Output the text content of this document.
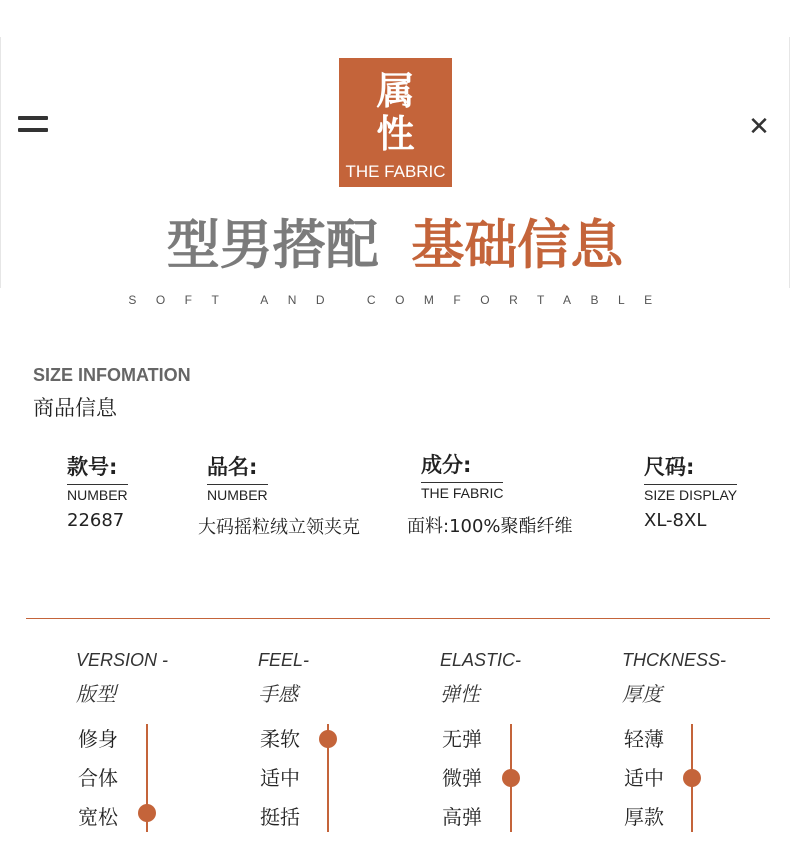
✕
属
性
THE FABRIC
型男搭配 基础信息
SOFT AND COMFORTABLE
SIZE INFOMATION
商品信息
款号:
NUMBER
22687
品名:
NUMBER
大码摇粒绒立领夹克
成分:
THE FABRIC
面料:100%聚酯纤维
尺码:
SIZE DISPLAY
XL-8XL
VERSION -
版型
修身
合体
宽松
FEEL-
手感
柔软
适中
挺括
ELASTIC-
弹性
无弹
微弹
高弹
THCKNESS-
厚度
轻薄
适中
厚款
